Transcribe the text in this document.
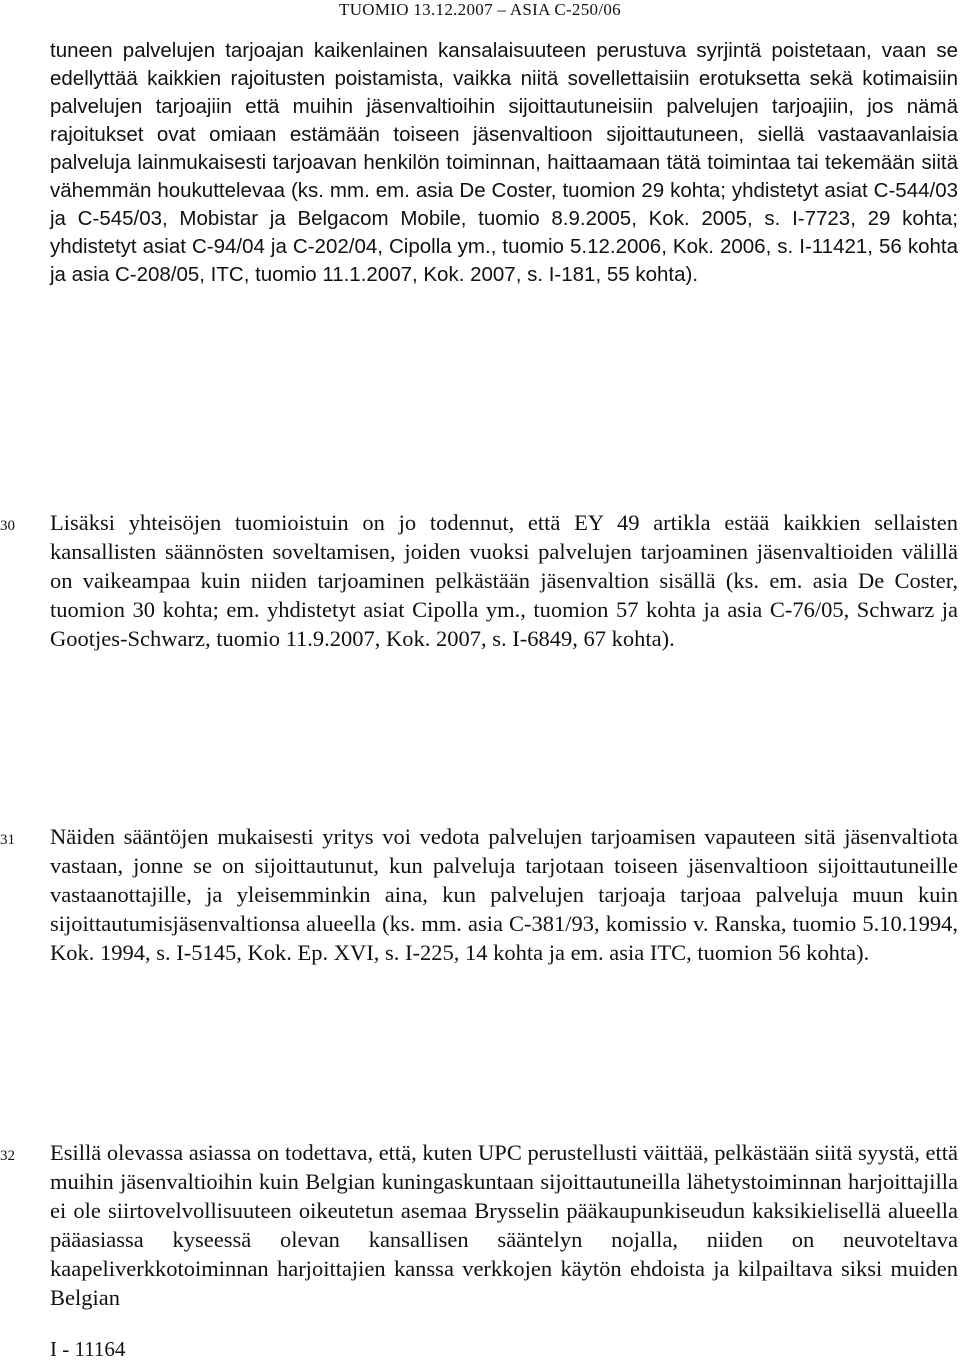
TUOMIO 13.12.2007 – ASIA C-250/06

tuneen palvelujen tarjoajan kaikenlainen kansalaisuuteen perustuva syrjintä poistetaan, vaan se edellyttää kaikkien rajoitusten poistamista, vaikka niitä sovellettaisiin erotuksetta sekä kotimaisiin palvelujen tarjoajiin että muihin jäsenvaltioihin sijoittautuneisiin palvelujen tarjoajiin, jos nämä rajoitukset ovat omiaan estämään toiseen jäsenvaltioon sijoittautuneen, siellä vastaavanlaisia palveluja lainmukaisesti tarjoavan henkilön toiminnan, haittaamaan tätä toimintaa tai tekemään siitä vähemmän houkuttelevaa (ks. mm. em. asia De Coster, tuomion 29 kohta; yhdistetyt asiat C-544/03 ja C-545/03, Mobistar ja Belgacom Mobile, tuomio 8.9.2005, Kok. 2005, s. I-7723, 29 kohta; yhdistetyt asiat C-94/04 ja C-202/04, Cipolla ym., tuomio 5.12.2006, Kok. 2006, s. I-11421, 56 kohta ja asia C-208/05, ITC, tuomio 11.1.2007, Kok. 2007, s. I-181, 55 kohta).

30	Lisäksi yhteisöjen tuomioistuin on jo todennut, että EY 49 artikla estää kaikkien sellaisten kansallisten säännösten soveltamisen, joiden vuoksi palvelujen tarjoaminen jäsenvaltioiden välillä on vaikeampaa kuin niiden tarjoaminen pelkästään jäsenvaltion sisällä (ks. em. asia De Coster, tuomion 30 kohta; em. yhdistetyt asiat Cipolla ym., tuomion 57 kohta ja asia C-76/05, Schwarz ja Gootjes-Schwarz, tuomio 11.9.2007, Kok. 2007, s. I-6849, 67 kohta).

31	Näiden sääntöjen mukaisesti yritys voi vedota palvelujen tarjoamisen vapauteen sitä jäsenvaltiota vastaan, jonne se on sijoittautunut, kun palveluja tarjotaan toiseen jäsenvaltioon sijoittautuneille vastaanottajille, ja yleisemminkin aina, kun palvelujen tarjoaja tarjoaa palveluja muun kuin sijoittautumisjäsenvaltionsa alueella (ks. mm. asia C-381/93, komissio v. Ranska, tuomio 5.10.1994, Kok. 1994, s. I-5145, Kok. Ep. XVI, s. I-225, 14 kohta ja em. asia ITC, tuomion 56 kohta).

32	Esillä olevassa asiassa on todettava, että, kuten UPC perustellusti väittää, pelkästään siitä syystä, että muihin jäsenvaltioihin kuin Belgian kuningaskuntaan sijoittautuneilla lähetystoiminnan harjoittajilla ei ole siirtovelvollisuuteen oikeutetun asemaa Brysselin pääkaupunkiseudun kaksikielisellä alueella pääasiassa kyseessä olevan kansallisen sääntelyn nojalla, niiden on neuvoteltava kaapeliverkkotoiminnan harjoittajien kanssa verkkojen käytön ehdoista ja kilpailtava siksi muiden Belgian

I - 11164
